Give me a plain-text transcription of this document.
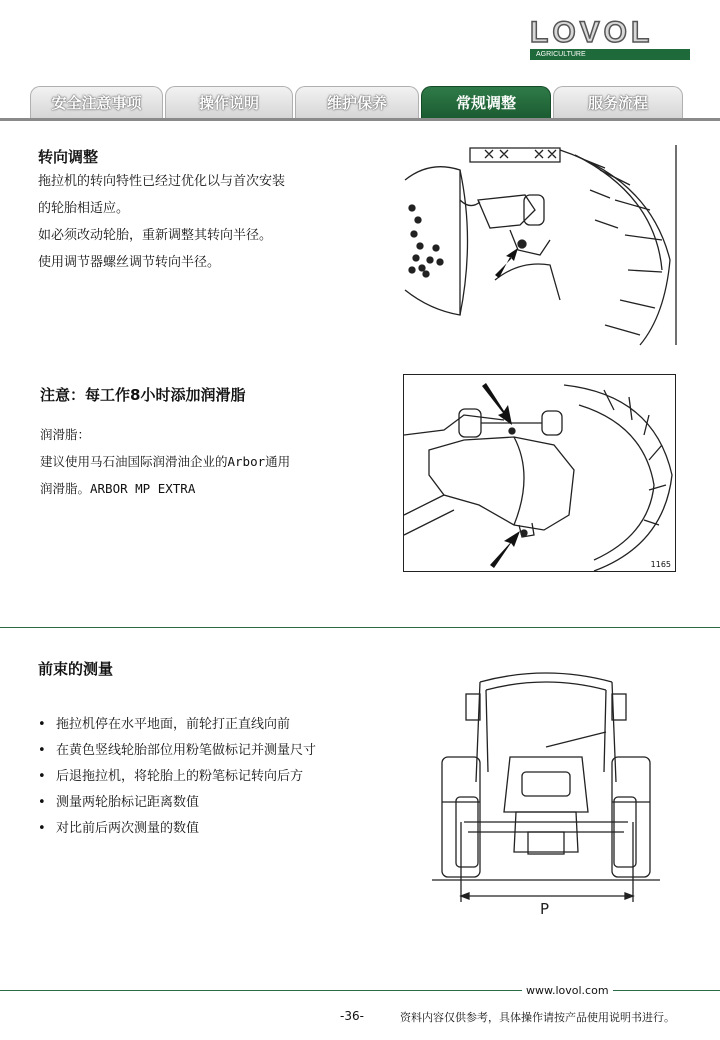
LOVOL
AGRICULTURE
安全注意事项	操作说明	维护保养	常规调整	服务流程
转向调整
拖拉机的转向特性已经过优化以与首次安装
的轮胎相适应。
如必须改动轮胎，重新调整其转向半径。
使用调节器螺丝调节转向半径。
注意：每工作8小时添加润滑脂
润滑脂：
建议使用马石油国际润滑油企业的Arbor通用
润滑脂。ARBOR MP EXTRA
1165
前束的测量
• 拖拉机停在水平地面，前轮打正直线向前
• 在黄色竖线轮胎部位用粉笔做标记并测量尺寸
• 后退拖拉机，将轮胎上的粉笔标记转向后方
• 测量两轮胎标记距离数值
• 对比前后两次测量的数值
P
www.lovol.com
-36-	资料内容仅供参考，具体操作请按产品使用说明书进行。
